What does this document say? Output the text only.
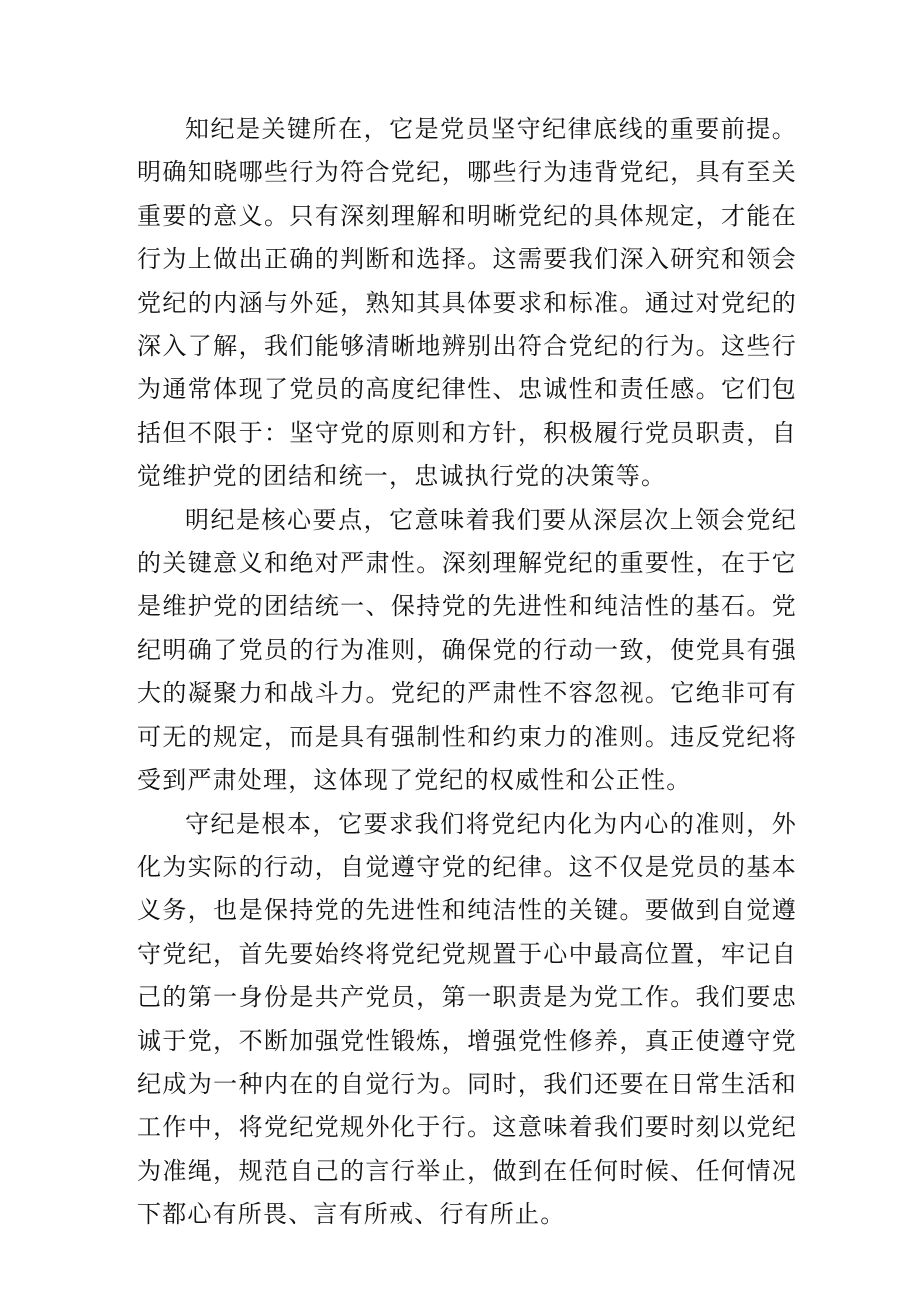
知纪是关键所在，它是党员坚守纪律底线的重要前提。明确知晓哪些行为符合党纪，哪些行为违背党纪，具有至关重要的意义。只有深刻理解和明晰党纪的具体规定，才能在行为上做出正确的判断和选择。这需要我们深入研究和领会党纪的内涵与外延，熟知其具体要求和标准。通过对党纪的深入了解，我们能够清晰地辨别出符合党纪的行为。这些行为通常体现了党员的高度纪律性、忠诚性和责任感。它们包括但不限于：坚守党的原则和方针，积极履行党员职责，自觉维护党的团结和统一，忠诚执行党的决策等。

明纪是核心要点，它意味着我们要从深层次上领会党纪的关键意义和绝对严肃性。深刻理解党纪的重要性，在于它是维护党的团结统一、保持党的先进性和纯洁性的基石。党纪明确了党员的行为准则，确保党的行动一致，使党具有强大的凝聚力和战斗力。党纪的严肃性不容忽视。它绝非可有可无的规定，而是具有强制性和约束力的准则。违反党纪将受到严肃处理，这体现了党纪的权威性和公正性。

守纪是根本，它要求我们将党纪内化为内心的准则，外化为实际的行动，自觉遵守党的纪律。这不仅是党员的基本义务，也是保持党的先进性和纯洁性的关键。要做到自觉遵守党纪，首先要始终将党纪党规置于心中最高位置，牢记自己的第一身份是共产党员，第一职责是为党工作。我们要忠诚于党，不断加强党性锻炼，增强党性修养，真正使遵守党纪成为一种内在的自觉行为。同时，我们还要在日常生活和工作中，将党纪党规外化于行。这意味着我们要时刻以党纪为准绳，规范自己的言行举止，做到在任何时候、任何情况下都心有所畏、言有所戒、行有所止。
